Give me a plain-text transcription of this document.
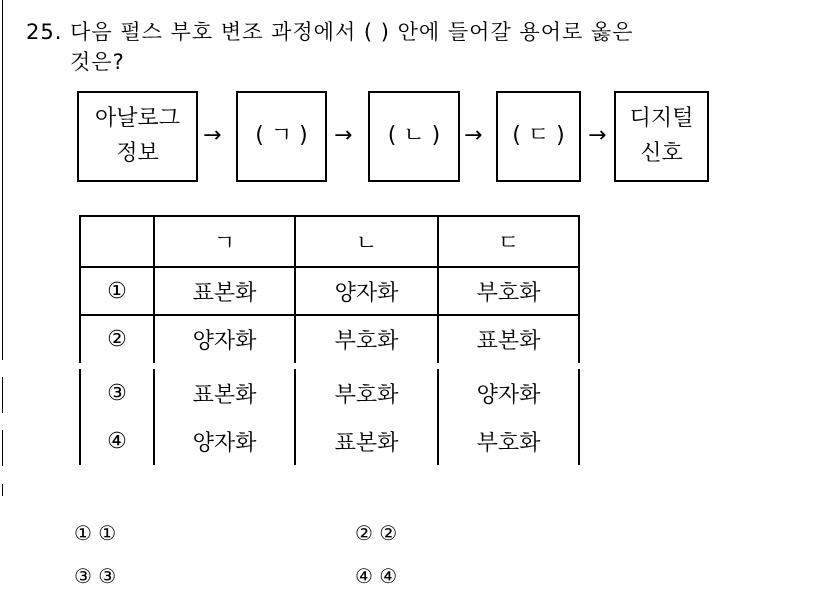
25. 다음 펄스 부호 변조 과정에서 ( ) 안에 들어갈 용어로 옳은
것은?
아날로그
정보
→ ( ㄱ ) → ( ㄴ ) → ( ㄷ ) →
디지털
신호
	ㄱ	ㄴ	ㄷ
①	표본화	양자화	부호화
②	양자화	부호화	표본화

③	표본화	부호화	양자화
④	양자화	표본화	부호화
① ①	② ②
③ ③	④ ④
